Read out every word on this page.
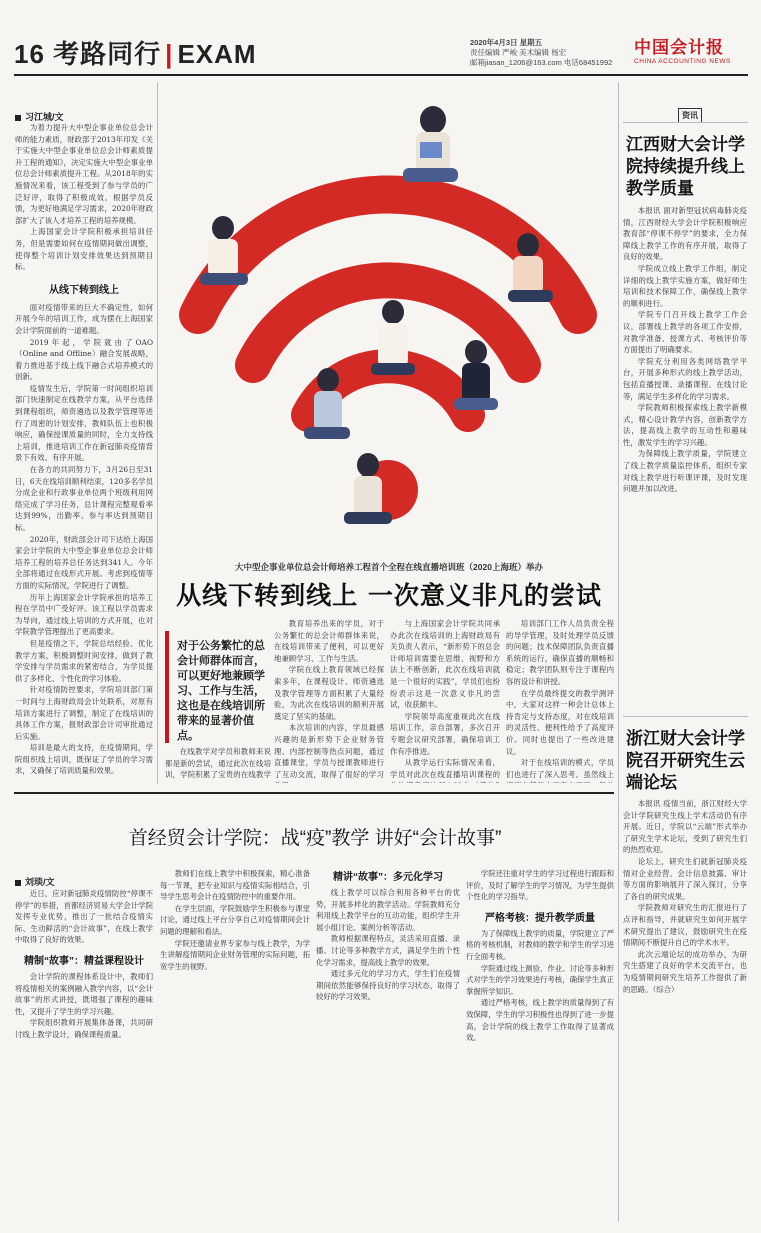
16 考路同行 | EXAM	2020年4月3日 星期五
责任编辑 严峻 美术编辑 杨宏
邮箱jiasan_1206@163.com 电话68451992
中国会计报
CHINA ACCOUNTING NEWS
习江城/文

为着力提升大中型企事业单位总会计师的能力素质，财政部于2013年印发《关于实施大中型企事业单位总会计师素质提升工程的通知》，决定实施大中型企事业单位总会计师素质提升工程。从2018年的实施情况来看，该工程受到了参与学员的广泛好评，取得了积极成效。根据学员反馈，为更好地满足学习需求，2020年财政部扩大了该人才培养工程的培养规模。

上海国家会计学院积极承担培训任务，但是需要如何在疫情期间做出调整，使得整个培训计划安排效果达到预期目标。

从线下转到线上

面对疫情带来的巨大不确定性，如何开展今年的培训工作，成为摆在上海国家会计学院面前的一道难题。

2019年起，学院就由了OAO（Online and Offline）融合发展战略，着力推进基于线上线下融合式培养模式的创新。

疫情发生后，学院第一时间组织培训部门快速制定在线教学方案，从平台选择到课程组织，师资遴选以及教学管理等进行了周密的计划安排，教师队伍上也积极响应，确保授课质量的同时，全力支持线上培训，推进培训工作在新冠肺炎疫情背景下有效、有序开展。

在各方的共同努力下，3月26日至31日，6天在线培训顺利结束，120多名学员分成企业和行政事业单位两个班级利用网络完成了学习任务，总计课程完整观看率达到99%，出勤率、参与率达到预期目标。

2020年，财政部会计司下达给上海国家会计学院的大中型企事业单位总会计师培养工程的培养总任务达到341人。今年全部将通过在线形式开展。考虑到疫情等方面的实际情况，学院进行了调整。

历年上海国家会计学院承担的培养工程在学员中广受好评。该工程以学员需求为导向，通过线上培训的方式开展，也对学院教学管理提出了更高要求。

但是疫情之下，学院总结经验、优化教学方案，积极调整时间安排，做到了教学安排与学员需求的紧密结合，为学员提供了多样化、个性化的学习体验。

针对疫情防控要求，学院培训部门第一时间与上海财政局会计处联系，对原有培训方案进行了调整，制定了在线培训的具体工作方案，报财政部会计司审批通过后实施。

培训是最大的支持，在疫情期间，学院组织线上培训，既保证了学员的学习需求，又确保了培训质量和效果。

大中型企事业单位总会计师培养工程首个全程在线直播培训班（2020上海班）举办
从线下转到线上 一次意义非凡的尝试
对于公务繁忙的总会计师群体而言，可以更好地兼顾学习、工作与生活，这也是在线培训所带来的显著价值点。

在线教学对学员和教师来说都是新的尝试，通过此次在线培训，学院积累了宝贵的在线教学

教育培养出来的学员，对于公务繁忙的总会计师群体来说，在线培训带来了便利，可以更好地兼顾学习、工作与生活。

学院在线上教育领域已经探索多年，在课程设计、师资遴选及教学管理等方面积累了大量经验，为此次在线培训的顺利开展奠定了坚实的基础。

本次培训的内容，学员最感兴趣的是新形势下企业财务管理、内部控制等热点问题，通过直播课堂，学员与授课教师进行了互动交流，取得了很好的学习

与上海国家会计学院共同承办此次在线培训的上海财政局有关负责人表示，“新形势下的总会计师培训需要在思维、视野和方法上不断创新，此次在线培训就是一个很好的实践”，学员们也纷纷表示这是一次意义非凡的尝试，收获颇丰。

学院领导高度重视此次在线培训工作，亲自部署，多次召开专题会议研究部署，确保培训工作有序推进。

从教学运行实际情况来看，学员对此次在线直播培训课程的

培训部门工作人员负责全程的导学管理，及时处理学员反馈的问题；技术保障团队负责直播系统的运行，确保直播的顺畅和稳定；教学团队则专注于课程内容的设计和讲授。

在学员最终提交的教学测评中，大家对这样一种会计总体上持肯定与支持态度，对在线培训的灵活性、便利性给予了高度评价。同时也提出了一些改进建议。

对于在线培训的模式，学员们也进行了深入思考。虽然线上

资讯
江西财大会计学院持续提升线上教学质量

本报讯 面对新型冠状病毒肺炎疫情，江西财经大学会计学院积极响应教育部“停课不停学”的要求，全力保障线上教学工作的有序开展，取得了良好的效果。

学院成立线上教学工作组，制定详细的线上教学实施方案，做好师生培训和技术保障工作，确保线上教学的顺利进行。

学院专门召开线上教学工作会议，部署线上教学的各项工作安排，对教学准备、授课方式、考核评价等方面提出了明确要求。

学院充分利用各类网络教学平台，开展多种形式的线上教学活动，包括直播授课、录播课程、在线讨论等，满足学生多样化的学习需求。

学院教师积极探索线上教学新模式，精心设计教学内容，创新教学方法，提高线上教学的互动性和趣味性，激发学生的学习兴趣。

为保障线上教学质量，学院建立了线上教学质量监控体系，组织专家对线上教学进行听课评课，及时发现问题并加以改进。

浙江财大会计学院召开研究生云端论坛

本报讯 疫情当前，浙江财经大学会计学院研究生线上学术活动仍有序开展。近日，学院以“云端”形式举办了研究生学术论坛，受到了研究生们的热烈欢迎。

论坛上，研究生们就新冠肺炎疫情对企业经营、会计信息披露、审计等方面的影响展开了深入探讨，分享了各自的研究成果。

学院教师对研究生的汇报进行了点评和指导，并就研究生如何开展学术研究提出了建议，鼓励研究生在疫情期间不断提升自己的学术水平。

此次云端论坛的成功举办，为研究生搭建了良好的学术交流平台，也为疫情期间研究生培养工作提供了新的思路。（综合）

首经贸会计学院：战“疫”教学 讲好“会计故事”
刘琰/文

近日，应对新冠肺炎疫情防控“停课不停学”的举措，首都经济贸易大学会计学院发挥专业优势，推出了一批结合疫情实际、生动鲜活的“会计故事”，在线上教学中取得了良好的效果。

精制“故事”：精益课程设计

会计学院的课程体系设计中，教师们将疫情相关的案例融入教学内容，以“会计故事”的形式讲授，既增强了课程的趣味性，又提升了学生的学习兴趣。

学院组织教师开展集体备课，共同研讨线上教学设计，确保课程质量。

教师们在线上教学中积极探索，精心准备每一节课，把专业知识与疫情实际相结合，引导学生思考会计在疫情防控中的重要作用。

在学生层面，学院鼓励学生积极参与课堂讨论，通过线上平台分享自己对疫情期间会计问题的理解和看法。

学院还邀请业界专家参与线上教学，为学生讲解疫情期间企业财务管理的实际问题，拓宽学生的视野。

精讲“故事”：多元化学习

线上教学可以综合利用各种平台的优势，开展多样化的教学活动。学院教师充分利用线上教学平台的互动功能，组织学生开展小组讨论、案例分析等活动。

教师根据课程特点，灵活采用直播、录播、讨论等多种教学方式，满足学生的个性化学习需求，提高线上教学的效果。

通过多元化的学习方式，学生们在疫情期间依然能够保持良好的学习状态，取得了较好的学习效果。

学院还注重对学生的学习过程进行跟踪和评价，及时了解学生的学习情况，为学生提供个性化的学习指导。

严格考核：提升教学质量

为了保障线上教学的质量，学院建立了严格的考核机制，对教师的教学和学生的学习进行全面考核。

学院通过线上测验、作业、讨论等多种形式对学生的学习效果进行考核，确保学生真正掌握所学知识。

通过严格考核，线上教学的质量得到了有效保障，学生的学习积极性也得到了进一步提高，会计学院的线上教学工作取得了显著成效。
